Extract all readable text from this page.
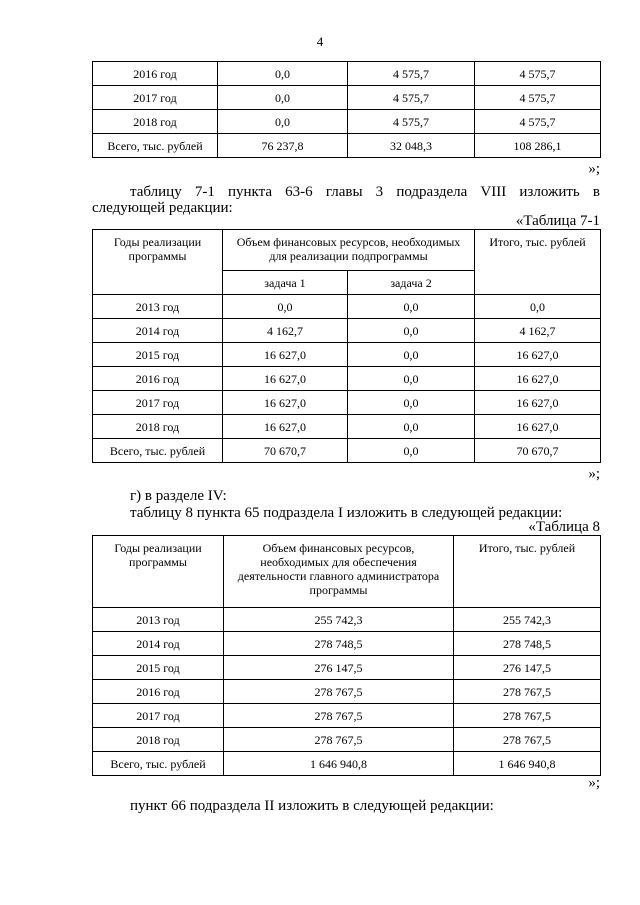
4
2016 год	0,0	4 575,7	4 575,7
2017 год	0,0	4 575,7	4 575,7
2018 год	0,0	4 575,7	4 575,7
Всего, тыс. рублей	76 237,8	32 048,3	108 286,1
»;
таблицу 7-1 пункта 63-6 главы 3 подраздела VIII изложить в
следующей редакции:
«Таблица 7-1
Годы реализации программы	Объем финансовых ресурсов, необходимых для реализации подпрограммы		Итого, тыс. рублей
	задача 1	задача 2	
2013 год	0,0	0,0	0,0
2014 год	4 162,7	0,0	4 162,7
2015 год	16 627,0	0,0	16 627,0
2016 год	16 627,0	0,0	16 627,0
2017 год	16 627,0	0,0	16 627,0
2018 год	16 627,0	0,0	16 627,0
Всего, тыс. рублей	70 670,7	0,0	70 670,7
»;
г) в разделе IV:
таблицу 8 пункта 65 подраздела I изложить в следующей редакции:
«Таблица 8
Годы реализации программы	Объем финансовых ресурсов, необходимых для обеспечения деятельности главного администратора программы	Итого, тыс. рублей
2013 год	255 742,3	255 742,3
2014 год	278 748,5	278 748,5
2015 год	276 147,5	276 147,5
2016 год	278 767,5	278 767,5
2017 год	278 767,5	278 767,5
2018 год	278 767,5	278 767,5
Всего, тыс. рублей	1 646 940,8	1 646 940,8
»;
пункт 66 подраздела II изложить в следующей редакции:
